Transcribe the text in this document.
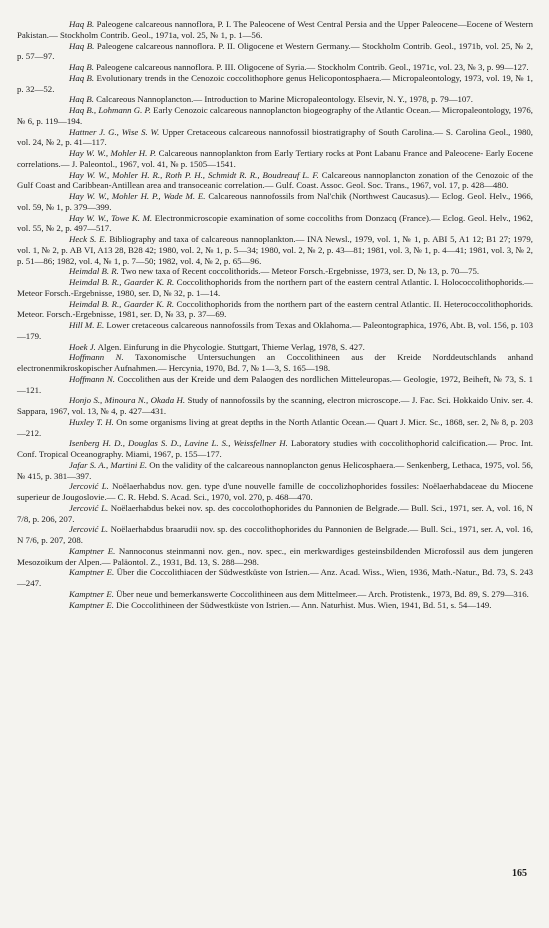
Haq B. Paleogene calcareous nannoflora, P. I. The Paleocene of West Central Persia and the Upper Paleocene—Eocene of Western Pakistan.— Stockholm Contrib. Geol., 1971a, vol. 25, № 1, p. 1—56.

Haq B. Paleogene calcareous nannoflora. P. II. Oligocene et Western Germany.— Stockholm Contrib. Geol., 1971b, vol. 25, № 2, p. 57—97.

Haq B. Paleogene calcareous nannoflora. P. III. Oligocene of Syria.— Stockholm Contrib. Geol., 1971c, vol. 23, № 3, p. 99—127.

Haq B. Evolutionary trends in the Cenozoic coccolithophore genus Helicopontosphaera.— Micropaleontology, 1973, vol. 19, № 1, p. 32—52.

Haq B. Calcareous Nannoplancton.— Introduction to Marine Micropaleontology. Elsevir, N. Y., 1978, p. 79—107.

Haq B., Lohmann G. P. Early Cenozoic calcareous nannoplancton biogeography of the Atlantic Ocean.— Micropaleontology, 1976, № 6, p. 119—194.

Hattner J. G., Wise S. W. Upper Cretaceous calcareous nannofossil biostratigraphy of South Carolina.— S. Carolina Geol., 1980, vol. 24, № 2, p. 41—117.

Hay W. W., Mohler H. P. Calcareous nannoplankton from Early Tertiary rocks at Pont Labanu France and Paleocene- Early Eocene correlations.— J. Paleontol., 1967, vol. 41, № p. 1505—1541.

Hay W. W., Mohler H. R., Roth P. H., Schmidt R. R., Boudreauf L. F. Calcareous nannoplancton zonation of the Cenozoic of the Gulf Coast and Caribbean-Antillean area and transoceanic correlation.— Gulf. Coast. Assoc. Geol. Soc. Trans., 1967, vol. 17, p. 428—480.

Hay W. W., Mohler H. P., Wade M. E. Calcareous nannofossils from Nal'chik (Northwest Caucasus).— Eclog. Geol. Helv., 1966, vol. 59, № 1, p. 379—399.

Hay W. W., Towe K. M. Electronmicroscopie examination of some coccoliths from Donzacq (France).— Eclog. Geol. Helv., 1962, vol. 55, № 2, p. 497—517.

Heck S. E. Bibliography and taxa of calcareous nannoplankton.— INA Newsl., 1979, vol. 1, № 1, p. ABI 5, A1 12; B1 27; 1979, vol. 1, № 2, p. AB VI, A13 28, B28 42; 1980, vol. 2, № 1, p. 5—34; 1980, vol. 2, № 2, p. 43—81; 1981, vol. 3, № 1, p. 4—41; 1981, vol. 3, № 2, p. 51—86; 1982, vol. 4, № 1, p. 7—50; 1982, vol. 4, № 2, p. 65—96.

Heimdal B. R. Two new taxa of Recent coccolithorids.— Meteor Forsch.-Ergebnisse, 1973, ser. D, № 13, p. 70—75.

Heimdal B. R., Gaarder K. R. Coccolithophorids from the northern part of the eastern central Atlantic. I. Holococcolithophorids.— Meteor Forsch.-Ergebnisse, 1980, ser. D, № 32, p. 1—14.

Heimdal B. R., Gaarder K. R. Coccolithophorids from the northern part of the eastern central Atlantic. II. Heterococcolithophorids. Meteor. Forsch.-Ergebnisse, 1981, ser. D, № 33, p. 37—69.

Hill M. E. Lower cretaceous calcareous nannofossils from Texas and Oklahoma.— Paleontographica, 1976, Abt. B, vol. 156, p. 103—179.

Hoek J. Algen. Einfurung in die Phycologie. Stuttgart, Thieme Verlag, 1978, S. 427.

Hoffmann N. Taxonomische Untersuchungen an Coccolithineen aus der Kreide Norddeutschlands anhand electronenmikroskopischer Aufnahmen.— Hercynia, 1970, Bd. 7, № 1—3, S. 165—198.

Hoffmann N. Coccolithen aus der Kreide und dem Palaogen des nordlichen Mitteleuropas.— Geologie, 1972, Beiheft, № 73, S. 1—121.

Honjo S., Minoura N., Okada H. Study of nannofossils by the scanning, electron microscope.— J. Fac. Sci. Hokkaido Univ. ser. 4. Sappara, 1967, vol. 13, № 4, p. 427—431.

Huxley T. H. On some organisms living at great depths in the North Atlantic Ocean.— Quart J. Micr. Sc., 1868, ser. 2, № 8, p. 203—212.

Isenberg H. D., Douglas S. D., Lavine L. S., Weissfellner H. Laboratory studies with coccolithophorid calcification.— Proc. Int. Conf. Tropical Oceanography. Miami, 1967, p. 155—177.

Jafar S. A., Martini E. On the validity of the calcareous nannoplancton genus Helicosphaera.— Senkenberg, Lethaca, 1975, vol. 56, № 415, p. 381—397.

Jercović L. Noëlaerhabdus nov. gen. type d'une nouvelle famille de coccolizhophorides fossiles: Noëlaerhabdaceae du Miocene superieur de Jougoslovie.— C. R. Hebd. S. Acad. Sci., 1970, vol. 270, p. 468—470.

Jercović L. Noëlaerhabdus bekei nov. sp. des coccolothophorides du Pannonien de Belgrade.— Bull. Sci., 1971, ser. A, vol. 16, N 7/8, p. 206, 207.

Jercović L. Noëlaerhabdus braarudii nov. sp. des coccolithophorides du Pannonien de Belgrade.— Bull. Sci., 1971, ser. A, vol. 16, N 7/6, p. 207, 208.

Kamptner E. Nannoconus steinmanni nov. gen., nov. spec., ein merkwardiges gesteinsbildenden Microfossil aus dem jungeren Mesozoikum der Alpen.— Paläontol. Z., 1931, Bd. 13, S. 288—298.

Kamptner E. Über die Coccolithiacen der Südwestküste von Istrien.— Anz. Acad. Wiss., Wien, 1936, Math.-Natur., Bd. 73, S. 243—247.

Kamptner E. Über neue und bemerkanswerte Coccolithineen aus dem Mittelmeer.— Arch. Protistenk., 1973, Bd. 89, S. 279—316.

Kamptner E. Die Coccolithineen der Südwestküste von Istrien.— Ann. Naturhist. Mus. Wien, 1941, Bd. 51, s. 54—149.

165
